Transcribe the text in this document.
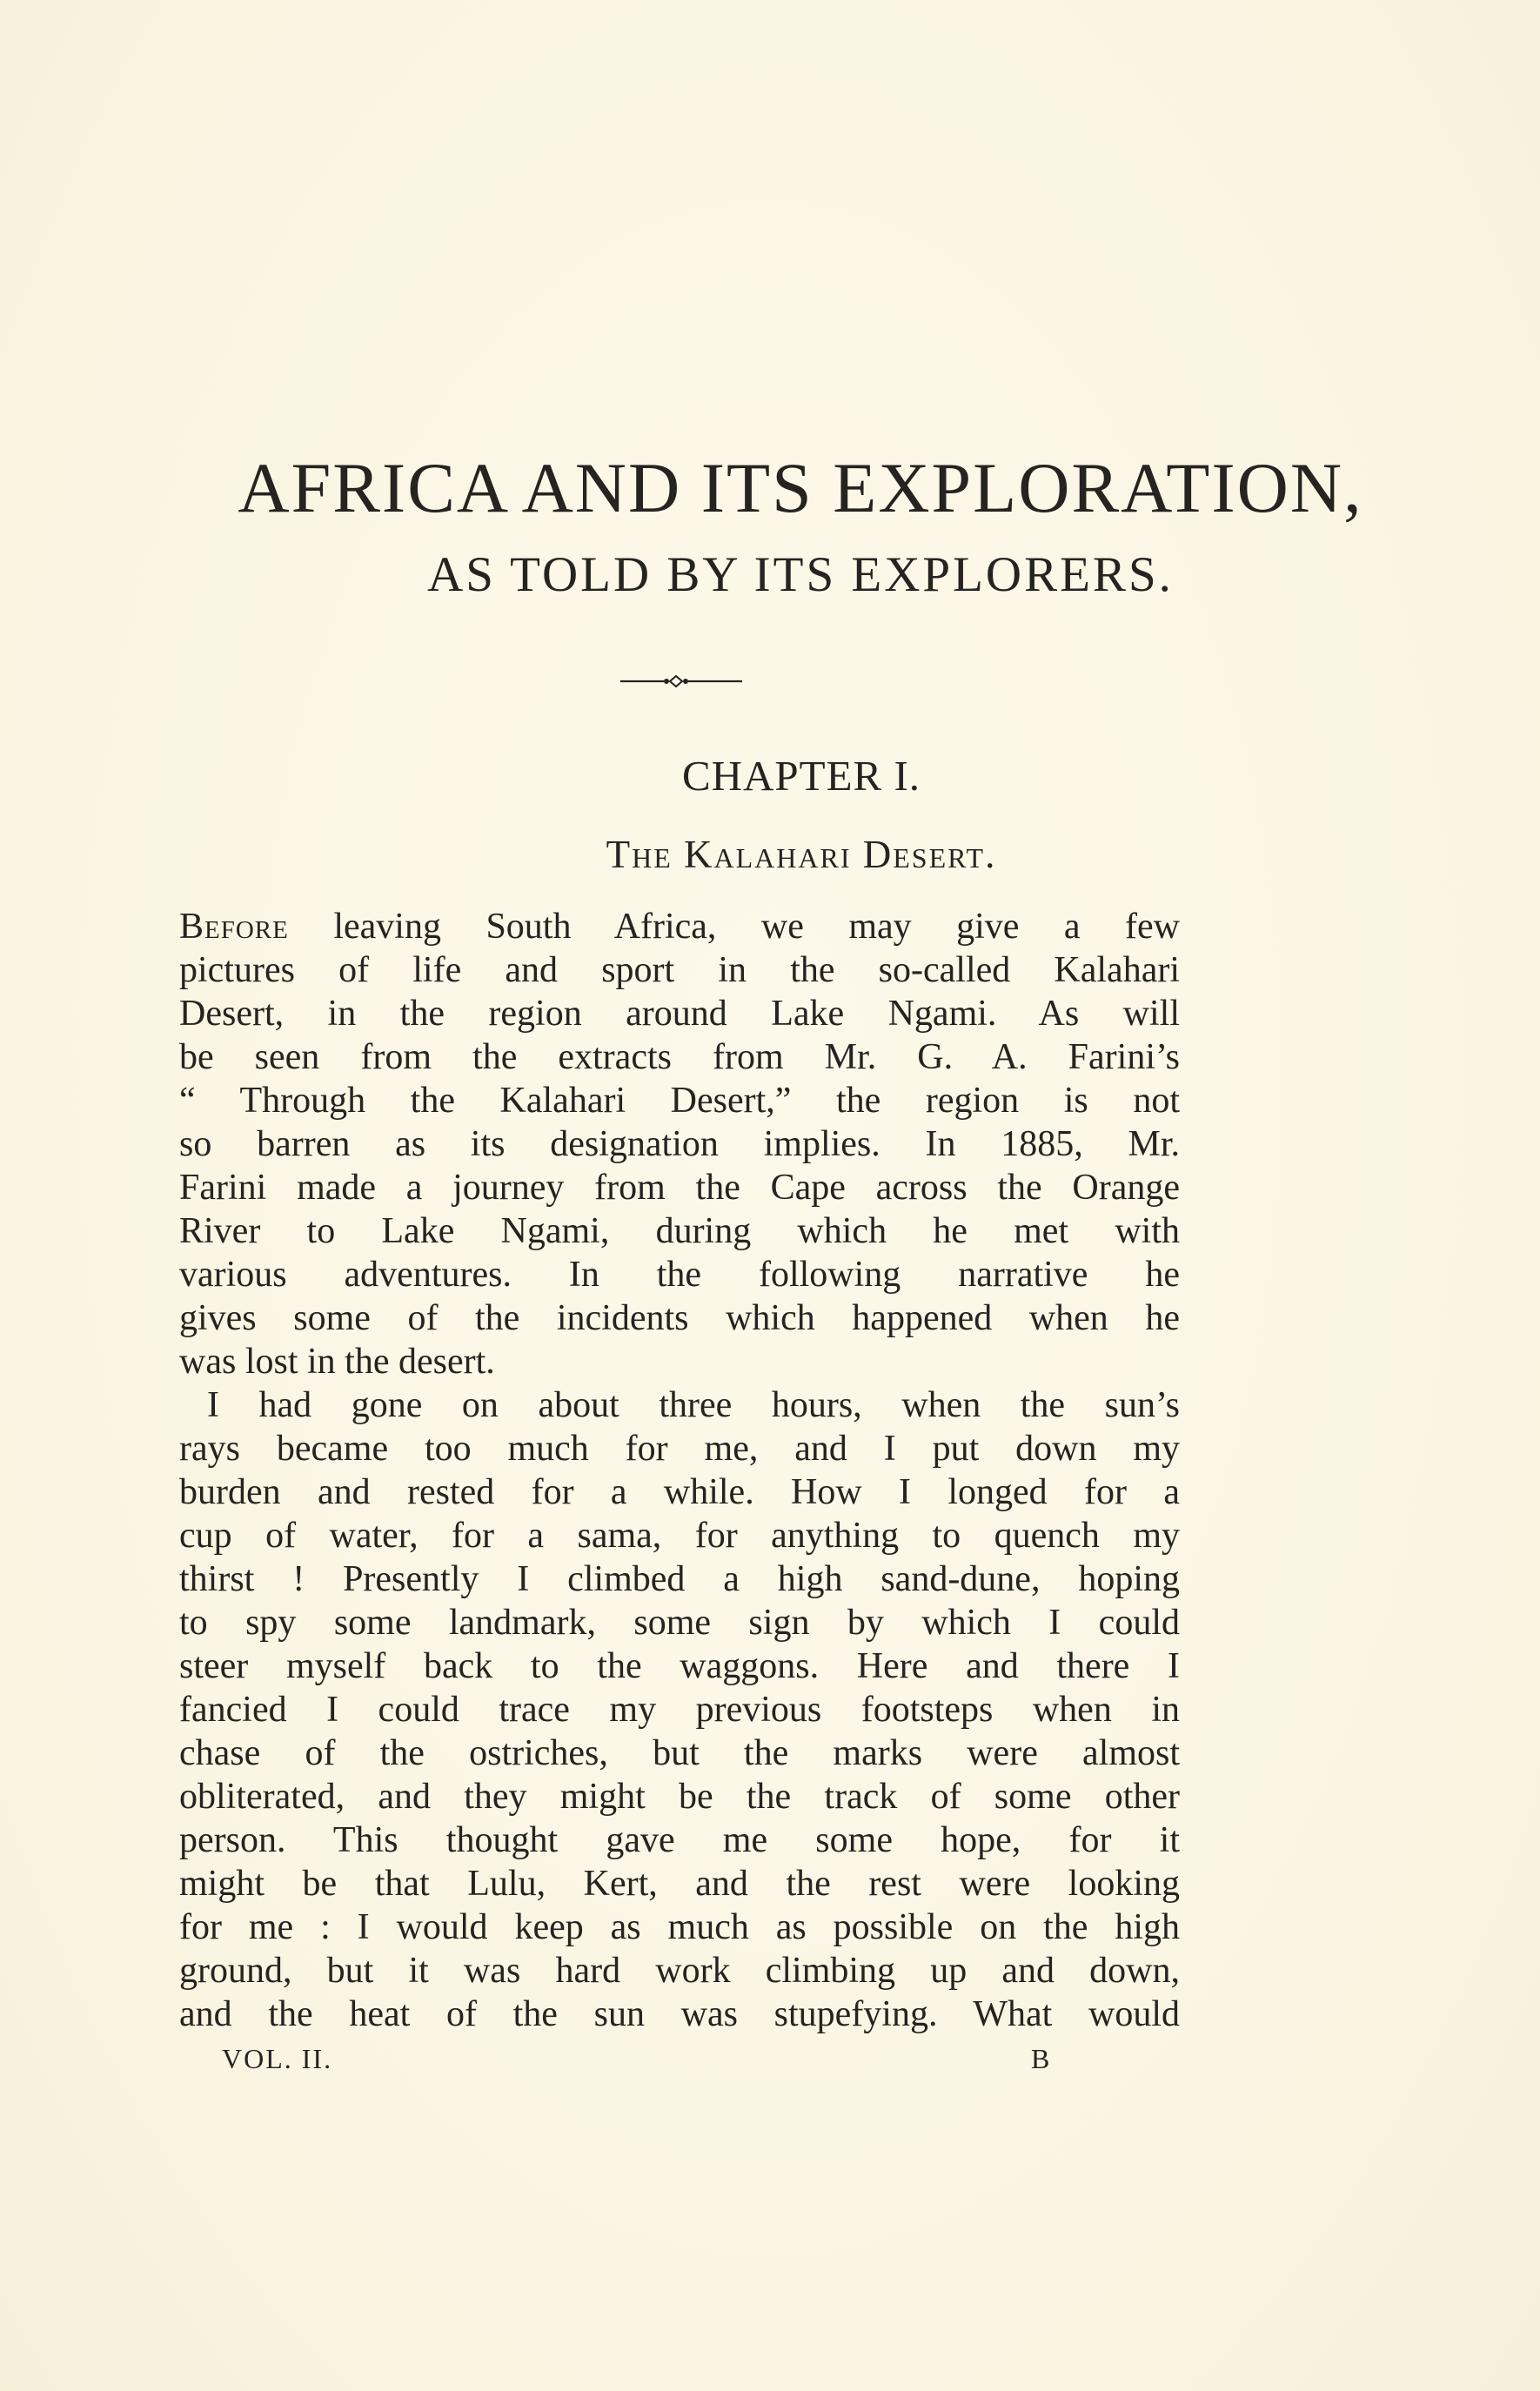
AFRICA AND ITS EXPLORATION,
AS TOLD BY ITS EXPLORERS.
CHAPTER I.
The Kalahari Desert.
Before leaving South Africa, we may give a few
pictures of life and sport in the so-called Kalahari
Desert, in the region around Lake Ngami. As will
be seen from the extracts from Mr. G. A. Farini’s
“ Through the Kalahari Desert,” the region is not
so barren as its designation implies. In 1885, Mr.
Farini made a journey from the Cape across the Orange
River to Lake Ngami, during which he met with
various adventures. In the following narrative he
gives some of the incidents which happened when he
was lost in the desert.
I had gone on about three hours, when the sun’s
rays became too much for me, and I put down my
burden and rested for a while. How I longed for a
cup of water, for a sama, for anything to quench my
thirst ! Presently I climbed a high sand-dune, hoping
to spy some landmark, some sign by which I could
steer myself back to the waggons. Here and there I
fancied I could trace my previous footsteps when in
chase of the ostriches, but the marks were almost
obliterated, and they might be the track of some other
person. This thought gave me some hope, for it
might be that Lulu, Kert, and the rest were looking
for me : I would keep as much as possible on the high
ground, but it was hard work climbing up and down,
and the heat of the sun was stupefying. What would
VOL. II.	B
